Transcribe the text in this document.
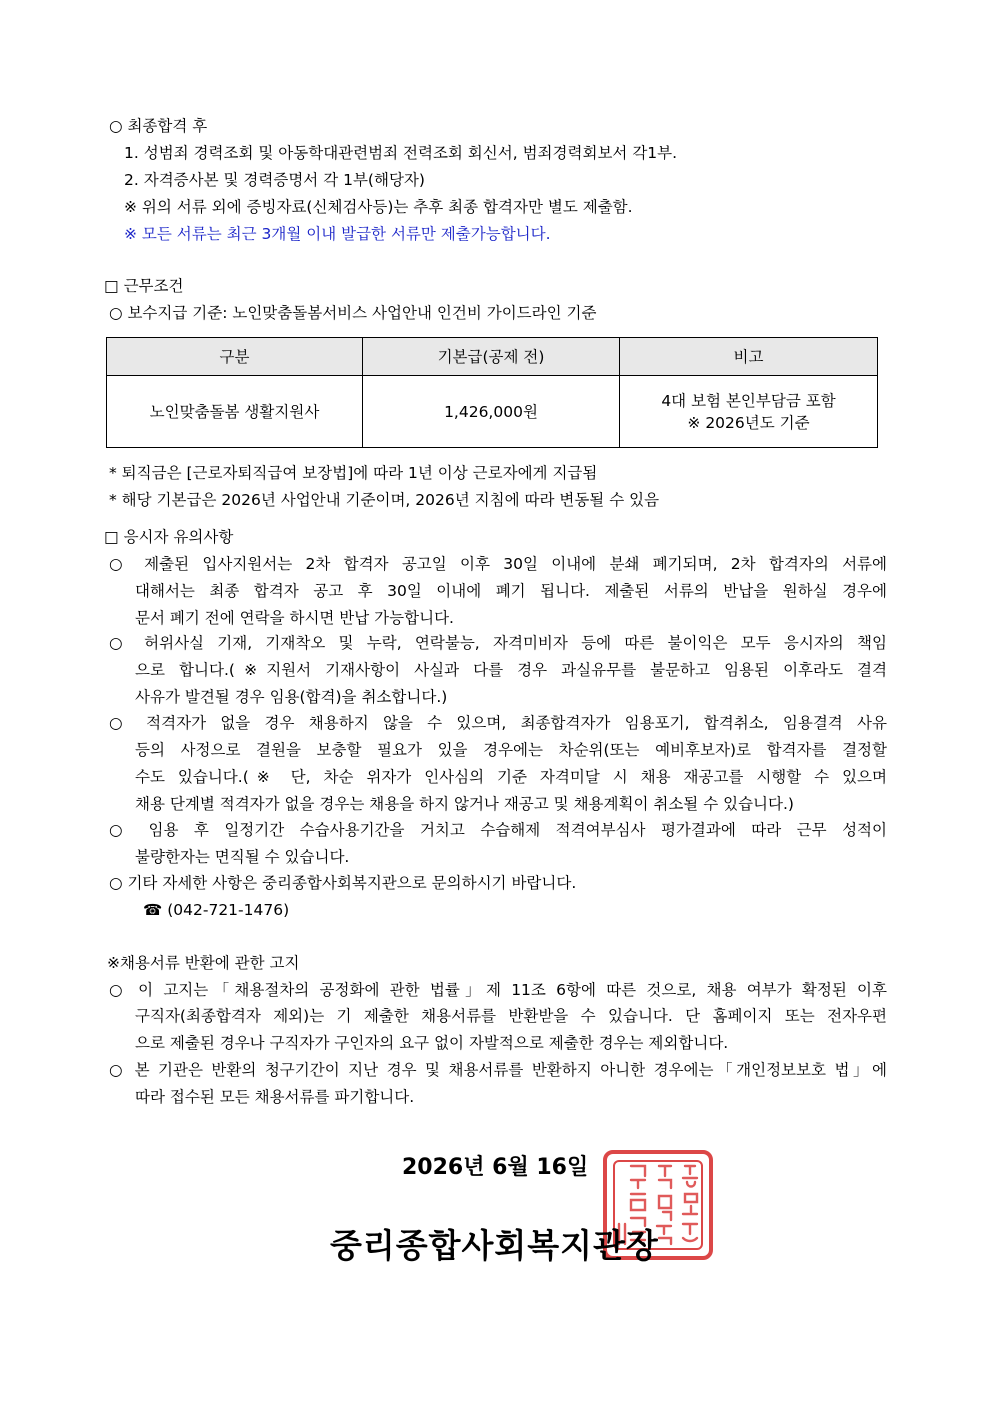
○ 최종합격 후
1. 성범죄 경력조회 및 아동학대관련범죄 전력조회 회신서, 범죄경력회보서 각1부.
2. 자격증사본 및 경력증명서 각 1부(해당자)
※ 위의 서류 외에 증빙자료(신체검사등)는 추후 최종 합격자만 별도 제출함.
※ 모든 서류는 최근 3개월 이내 발급한 서류만 제출가능합니다.
□ 근무조건
○ 보수지급 기준: 노인맞춤돌봄서비스 사업안내 인건비 가이드라인 기준
구분	기본급(공제 전)	비고
노인맞춤돌봄 생활지원사	1,426,000원	4대 보험 본인부담금 포함
※ 2026년도 기준
* 퇴직금은 [근로자퇴직급여 보장법]에 따라 1년 이상 근로자에게 지급됨
* 해당 기본급은 2026년 사업안내 기준이며, 2026년 지침에 따라 변동될 수 있음
□ 응시자 유의사항
○ 제출된 입사지원서는 2차 합격자 공고일 이후 30일 이내에 분쇄 폐기되며, 2차 합격자의 서류에
대해서는 최종 합격자 공고 후 30일 이내에 폐기 됩니다. 제출된 서류의 반납을 원하실 경우에
문서 폐기 전에 연락을 하시면 반납 가능합니다.
○ 허위사실 기재, 기재착오 및 누락, 연락불능, 자격미비자 등에 따른 불이익은 모두 응시자의 책임
으로 합니다.(※지원서 기재사항이 사실과 다를 경우 과실유무를 불문하고 임용된 이후라도 결격
사유가 발견될 경우 임용(합격)을 취소합니다.)
○ 적격자가 없을 경우 채용하지 않을 수 있으며, 최종합격자가 임용포기, 합격취소, 임용결격 사유
등의 사정으로 결원을 보충할 필요가 있을 경우에는 차순위(또는 예비후보자)로 합격자를 결정할
수도 있습니다.(※ 단, 차순 위자가 인사심의 기준 자격미달 시 채용 재공고를 시행할 수 있으며
채용 단계별 적격자가 없을 경우는 채용을 하지 않거나 재공고 및 채용계획이 취소될 수 있습니다.)
○ 임용 후 일정기간 수습사용기간을 거치고 수습해제 적격여부심사 평가결과에 따라 근무 성적이
불량한자는 면직될 수 있습니다.
○ 기타 자세한 사항은 중리종합사회복지관으로 문의하시기 바랍니다.
☎ (042-721-1476)
※채용서류 반환에 관한 고지
○ 이 고지는「채용절차의 공정화에 관한 법률」제 11조 6항에 따른 것으로, 채용 여부가 확정된 이후
구직자(최종합격자 제외)는 기 제출한 채용서류를 반환받을 수 있습니다. 단 홈페이지 또는 전자우편
으로 제출된 경우나 구직자가 구인자의 요구 없이 자발적으로 제출한 경우는 제외합니다.
○ 본 기관은 반환의 청구기간이 지난 경우 및 채용서류를 반환하지 아니한 경우에는「개인정보보호 법」에
따라 접수된 모든 채용서류를 파기합니다.
2026년 6월 16일
중리종합사회복지관장
